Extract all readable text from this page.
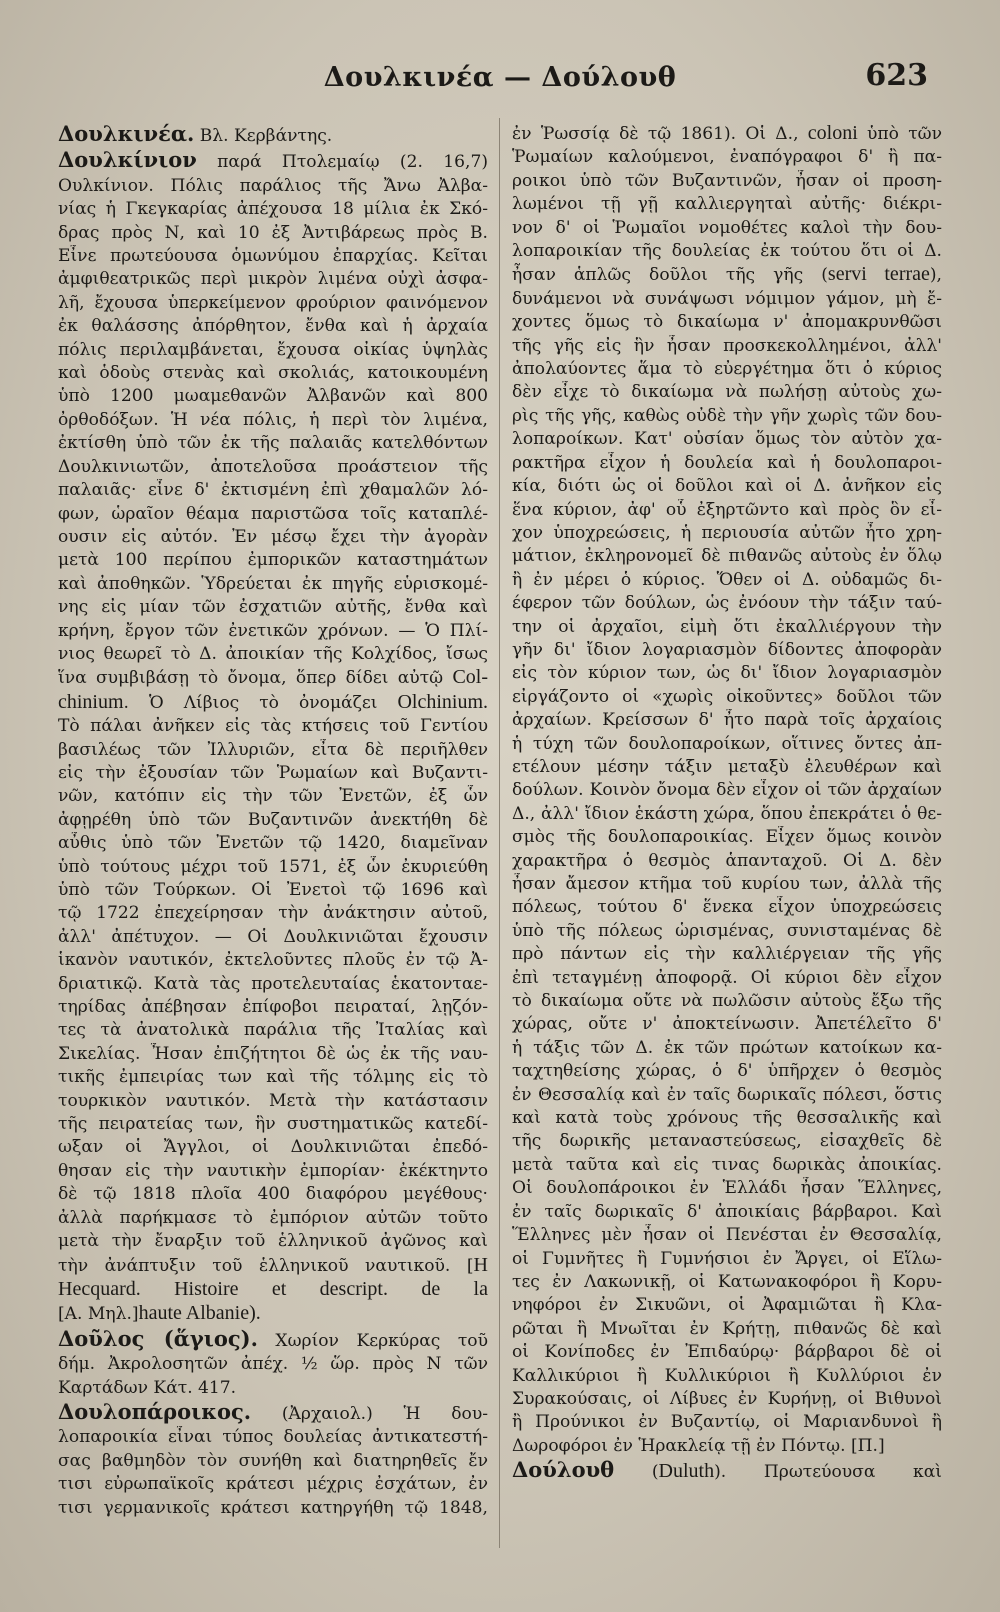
Δουλκινέα — Δούλουθ	623
Δουλκινέα. Βλ. Κερβάντης.
Δουλκίνιον παρά Πτολεμαίῳ (2. 16,7)
Ουλκίνιον. Πόλις παράλιος τῆς Ἄνω Ἀλβα-
νίας ἡ Γκεγκαρίας ἀπέχουσα 18 μίλια ἐκ Σκό-
δρας πρὸς Ν, καὶ 10 ἐξ Ἀντιβάρεως πρὸς Β.
Εἶνε πρωτεύουσα ὁμωνύμου ἐπαρχίας. Κεῖται
ἀμφιθεατρικῶς περὶ μικρὸν λιμένα οὐχὶ ἀσφα-
λῆ, ἔχουσα ὑπερκείμενον φρούριον φαινόμενον
ἐκ θαλάσσης ἀπόρθητον, ἔνθα καὶ ἡ ἀρχαία
πόλις περιλαμβάνεται, ἔχουσα οἰκίας ὑψηλὰς
καὶ ὁδοὺς στενὰς καὶ σκολιάς, κατοικουμένη
ὑπὸ 1200 μωαμεθανῶν Ἀλβανῶν καὶ 800
ὀρθοδόξων. Ἡ νέα πόλις, ἡ περὶ τὸν λιμένα,
ἐκτίσθη ὑπὸ τῶν ἐκ τῆς παλαιᾶς κατελθόντων
Δουλκινιωτῶν, ἀποτελοῦσα προάστειον τῆς
παλαιᾶς· εἶνε δ' ἐκτισμένη ἐπὶ χθαμαλῶν λό-
φων, ὡραῖον θέαμα παριστῶσα τοῖς καταπλέ-
ουσιν εἰς αὐτόν. Ἐν μέσῳ ἔχει τὴν ἀγορὰν
μετὰ 100 περίπου ἐμπορικῶν καταστημάτων
καὶ ἀποθηκῶν. Ὑδρεύεται ἐκ πηγῆς εὑρισκομέ-
νης εἰς μίαν τῶν ἐσχατιῶν αὐτῆς, ἔνθα καὶ
κρήνη, ἔργον τῶν ἐνετικῶν χρόνων. — Ὁ Πλί-
νιος θεωρεῖ τὸ Δ. ἀποικίαν τῆς Κολχίδος, ἴσως
ἵνα συμβιβάσῃ τὸ ὄνομα, ὅπερ δίδει αὐτῷ Col-
chinium. Ὁ Λίβιος τὸ ὀνομάζει Olchinium.
Τὸ πάλαι ἀνῆκεν εἰς τὰς κτήσεις τοῦ Γεντίου
βασιλέως τῶν Ἰλλυριῶν, εἶτα δὲ περιῆλθεν
εἰς τὴν ἐξουσίαν τῶν Ῥωμαίων καὶ Βυζαντι-
νῶν, κατόπιν εἰς τὴν τῶν Ἐνετῶν, ἐξ ὧν
ἀφῃρέθη ὑπὸ τῶν Βυζαντινῶν ἀνεκτήθη δὲ
αὖθις ὑπὸ τῶν Ἐνετῶν τῷ 1420, διαμεῖναν
ὑπὸ τούτους μέχρι τοῦ 1571, ἐξ ὧν ἐκυριεύθη
ὑπὸ τῶν Τούρκων. Οἱ Ἐνετοὶ τῷ 1696 καὶ
τῷ 1722 ἐπεχείρησαν τὴν ἀνάκτησιν αὐτοῦ,
ἀλλ' ἀπέτυχον. — Οἱ Δουλκινιῶται ἔχουσιν
ἱκανὸν ναυτικόν, ἐκτελοῦντες πλοῦς ἐν τῷ Ἀ-
δριατικῷ. Κατὰ τὰς προτελευταίας ἑκατονταε-
τηρίδας ἀπέβησαν ἐπίφοβοι πειραταί, λῃζόν-
τες τὰ ἀνατολικὰ παράλια τῆς Ἰταλίας καὶ
Σικελίας. Ἦσαν ἐπιζήτητοι δὲ ὡς ἐκ τῆς ναυ-
τικῆς ἐμπειρίας των καὶ τῆς τόλμης εἰς τὸ
τουρκικὸν ναυτικόν. Μετὰ τὴν κατάστασιν
τῆς πειρατείας των, ἣν συστηματικῶς κατεδί-
ωξαν οἱ Ἄγγλοι, οἱ Δουλκινιῶται ἐπεδό-
θησαν εἰς τὴν ναυτικὴν ἐμπορίαν· ἐκέκτηντο
δὲ τῷ 1818 πλοῖα 400 διαφόρου μεγέθους·
ἀλλὰ παρήκμασε τὸ ἐμπόριον αὐτῶν τοῦτο
μετὰ τὴν ἔναρξιν τοῦ ἑλληνικοῦ ἀγῶνος καὶ
τὴν ἀνάπτυξιν τοῦ ἑλληνικοῦ ναυτικοῦ. [H
Hecquard. Histoire et descript. de la
[Α. Μηλ.]haute Albanie).
Δοῦλος (ἅγιος). Χωρίον Κερκύρας τοῦ
δήμ. Ἀκρολοσητῶν ἀπέχ. ½ ὥρ. πρὸς Ν τῶν
Καρτάδων Κάτ. 417.
Δουλοπάροικος. (Ἀρχαιολ.) Ἡ δου-
λοπαροικία εἶναι τύπος δουλείας ἀντικατεστή-
σας βαθμηδὸν τὸν συνήθη καὶ διατηρηθεῖς ἔν
τισι εὐρωπαϊκοῖς κράτεσι μέχρις ἐσχάτων, ἐν
τισι γερμανικοῖς κράτεσι κατηργήθη τῷ 1848,
ἐν Ῥωσσίᾳ δὲ τῷ 1861). Οἱ Δ., coloni ὑπὸ τῶν
Ῥωμαίων καλούμενοι, ἐναπόγραφοι δ' ἢ πα-
ροικοι ὑπὸ τῶν Βυζαντινῶν, ἦσαν οἱ προση-
λωμένοι τῇ γῇ καλλιεργηταὶ αὐτῆς· διέκρι-
νον δ' οἱ Ῥωμαῖοι νομοθέτες καλοὶ τὴν δου-
λοπαροικίαν τῆς δουλείας ἐκ τούτου ὅτι οἱ Δ.
ἦσαν ἁπλῶς δοῦλοι τῆς γῆς (servi terrae),
δυνάμενοι νὰ συνάψωσι νόμιμον γάμον, μὴ ἔ-
χοντες ὅμως τὸ δικαίωμα ν' ἀπομακρυνθῶσι
τῆς γῆς εἰς ἣν ἦσαν προσκεκολλημένοι, ἀλλ'
ἀπολαύοντες ἅμα τὸ εὐεργέτημα ὅτι ὁ κύριος
δὲν εἶχε τὸ δικαίωμα νὰ πωλήσῃ αὐτοὺς χω-
ρὶς τῆς γῆς, καθὼς οὐδὲ τὴν γῆν χωρὶς τῶν δου-
λοπαροίκων. Κατ' οὐσίαν ὅμως τὸν αὐτὸν χα-
ρακτῆρα εἶχον ἡ δουλεία καὶ ἡ δουλοπαροι-
κία, διότι ὡς οἱ δοῦλοι καὶ οἱ Δ. ἀνῆκον εἰς
ἕνα κύριον, ἀφ' οὗ ἐξηρτῶντο καὶ πρὸς ὃν εἶ-
χον ὑποχρεώσεις, ἡ περιουσία αὐτῶν ἦτο χρη-
μάτιον, ἐκληρονομεῖ δὲ πιθανῶς αὐτοὺς ἐν ὅλῳ
ἢ ἐν μέρει ὁ κύριος. Ὅθεν οἱ Δ. οὐδαμῶς δι-
έφερον τῶν δούλων, ὡς ἐνόουν τὴν τάξιν ταύ-
την οἱ ἀρχαῖοι, εἰμὴ ὅτι ἐκαλλιέργουν τὴν
γῆν δι' ἴδιον λογαριασμὸν δίδοντες ἀποφορὰν
εἰς τὸν κύριον των, ὡς δι' ἴδιον λογαριασμὸν
εἰργάζοντο οἱ «χωρὶς οἰκοῦντες» δοῦλοι τῶν
ἀρχαίων. Κρείσσων δ' ἦτο παρὰ τοῖς ἀρχαίοις
ἡ τύχη τῶν δουλοπαροίκων, οἵτινες ὄντες ἀπ-
ετέλουν μέσην τάξιν μεταξὺ ἐλευθέρων καὶ
δούλων. Κοινὸν ὄνομα δὲν εἶχον οἱ τῶν ἀρχαίων
Δ., ἀλλ' ἴδιον ἑκάστη χώρα, ὅπου ἐπεκράτει ὁ θε-
σμὸς τῆς δουλοπαροικίας. Εἶχεν ὅμως κοινὸν
χαρακτῆρα ὁ θεσμὸς ἁπανταχοῦ. Οἱ Δ. δὲν
ἦσαν ἄμεσον κτῆμα τοῦ κυρίου των, ἀλλὰ τῆς
πόλεως, τούτου δ' ἕνεκα εἶχον ὑποχρεώσεις
ὑπὸ τῆς πόλεως ὡρισμένας, συνισταμένας δὲ
πρὸ πάντων εἰς τὴν καλλιέργειαν τῆς γῆς
ἐπὶ τεταγμένῃ ἀποφορᾷ. Οἱ κύριοι δὲν εἶχον
τὸ δικαίωμα οὔτε νὰ πωλῶσιν αὐτοὺς ἔξω τῆς
χώρας, οὔτε ν' ἀποκτείνωσιν. Ἀπετέλεῖτο δ'
ἡ τάξις τῶν Δ. ἐκ τῶν πρώτων κατοίκων κα-
ταχτηθείσης χώρας, ὁ δ' ὑπῆρχεν ὁ θεσμὸς
ἐν Θεσσαλίᾳ καὶ ἐν ταῖς δωρικαῖς πόλεσι, ὅστις
καὶ κατὰ τοὺς χρόνους τῆς θεσσαλικῆς καὶ
τῆς δωρικῆς μεταναστεύσεως, εἰσαχθεῖς δὲ
μετὰ ταῦτα καὶ εἰς τινας δωρικὰς ἀποικίας.
Οἱ δουλοπάροικοι ἐν Ἑλλάδι ἦσαν Ἕλληνες,
ἐν ταῖς δωρικαῖς δ' ἀποικίαις βάρβαροι. Καὶ
Ἕλληνες μὲν ἦσαν οἱ Πενέσται ἐν Θεσσαλίᾳ,
οἱ Γυμνῆτες ἢ Γυμνήσιοι ἐν Ἄργει, οἱ Εἵλω-
τες ἐν Λακωνικῇ, οἱ Κατωνακοφόροι ἢ Κορυ-
νηφόροι ἐν Σικυῶνι, οἱ Ἀφαμιῶται ἢ Κλα-
ρῶται ἢ Μνωῖται ἐν Κρήτῃ, πιθανῶς δὲ καὶ
οἱ Κονίποδες ἐν Ἐπιδαύρῳ· βάρβαροι δὲ οἱ
Καλλικύριοι ἢ Κυλλικύριοι ἢ Κυλλύριοι ἐν
Συρακούσαις, οἱ Λίβυες ἐν Κυρήνῃ, οἱ Βιθυνοὶ
ἢ Προύνικοι ἐν Βυζαντίῳ, οἱ Μαριανδυνοὶ ἢ
Δωροφόροι ἐν Ἡρακλείᾳ τῇ ἐν Πόντῳ. [Π.]
Δούλουθ (Duluth). Πρωτεύουσα καὶ
